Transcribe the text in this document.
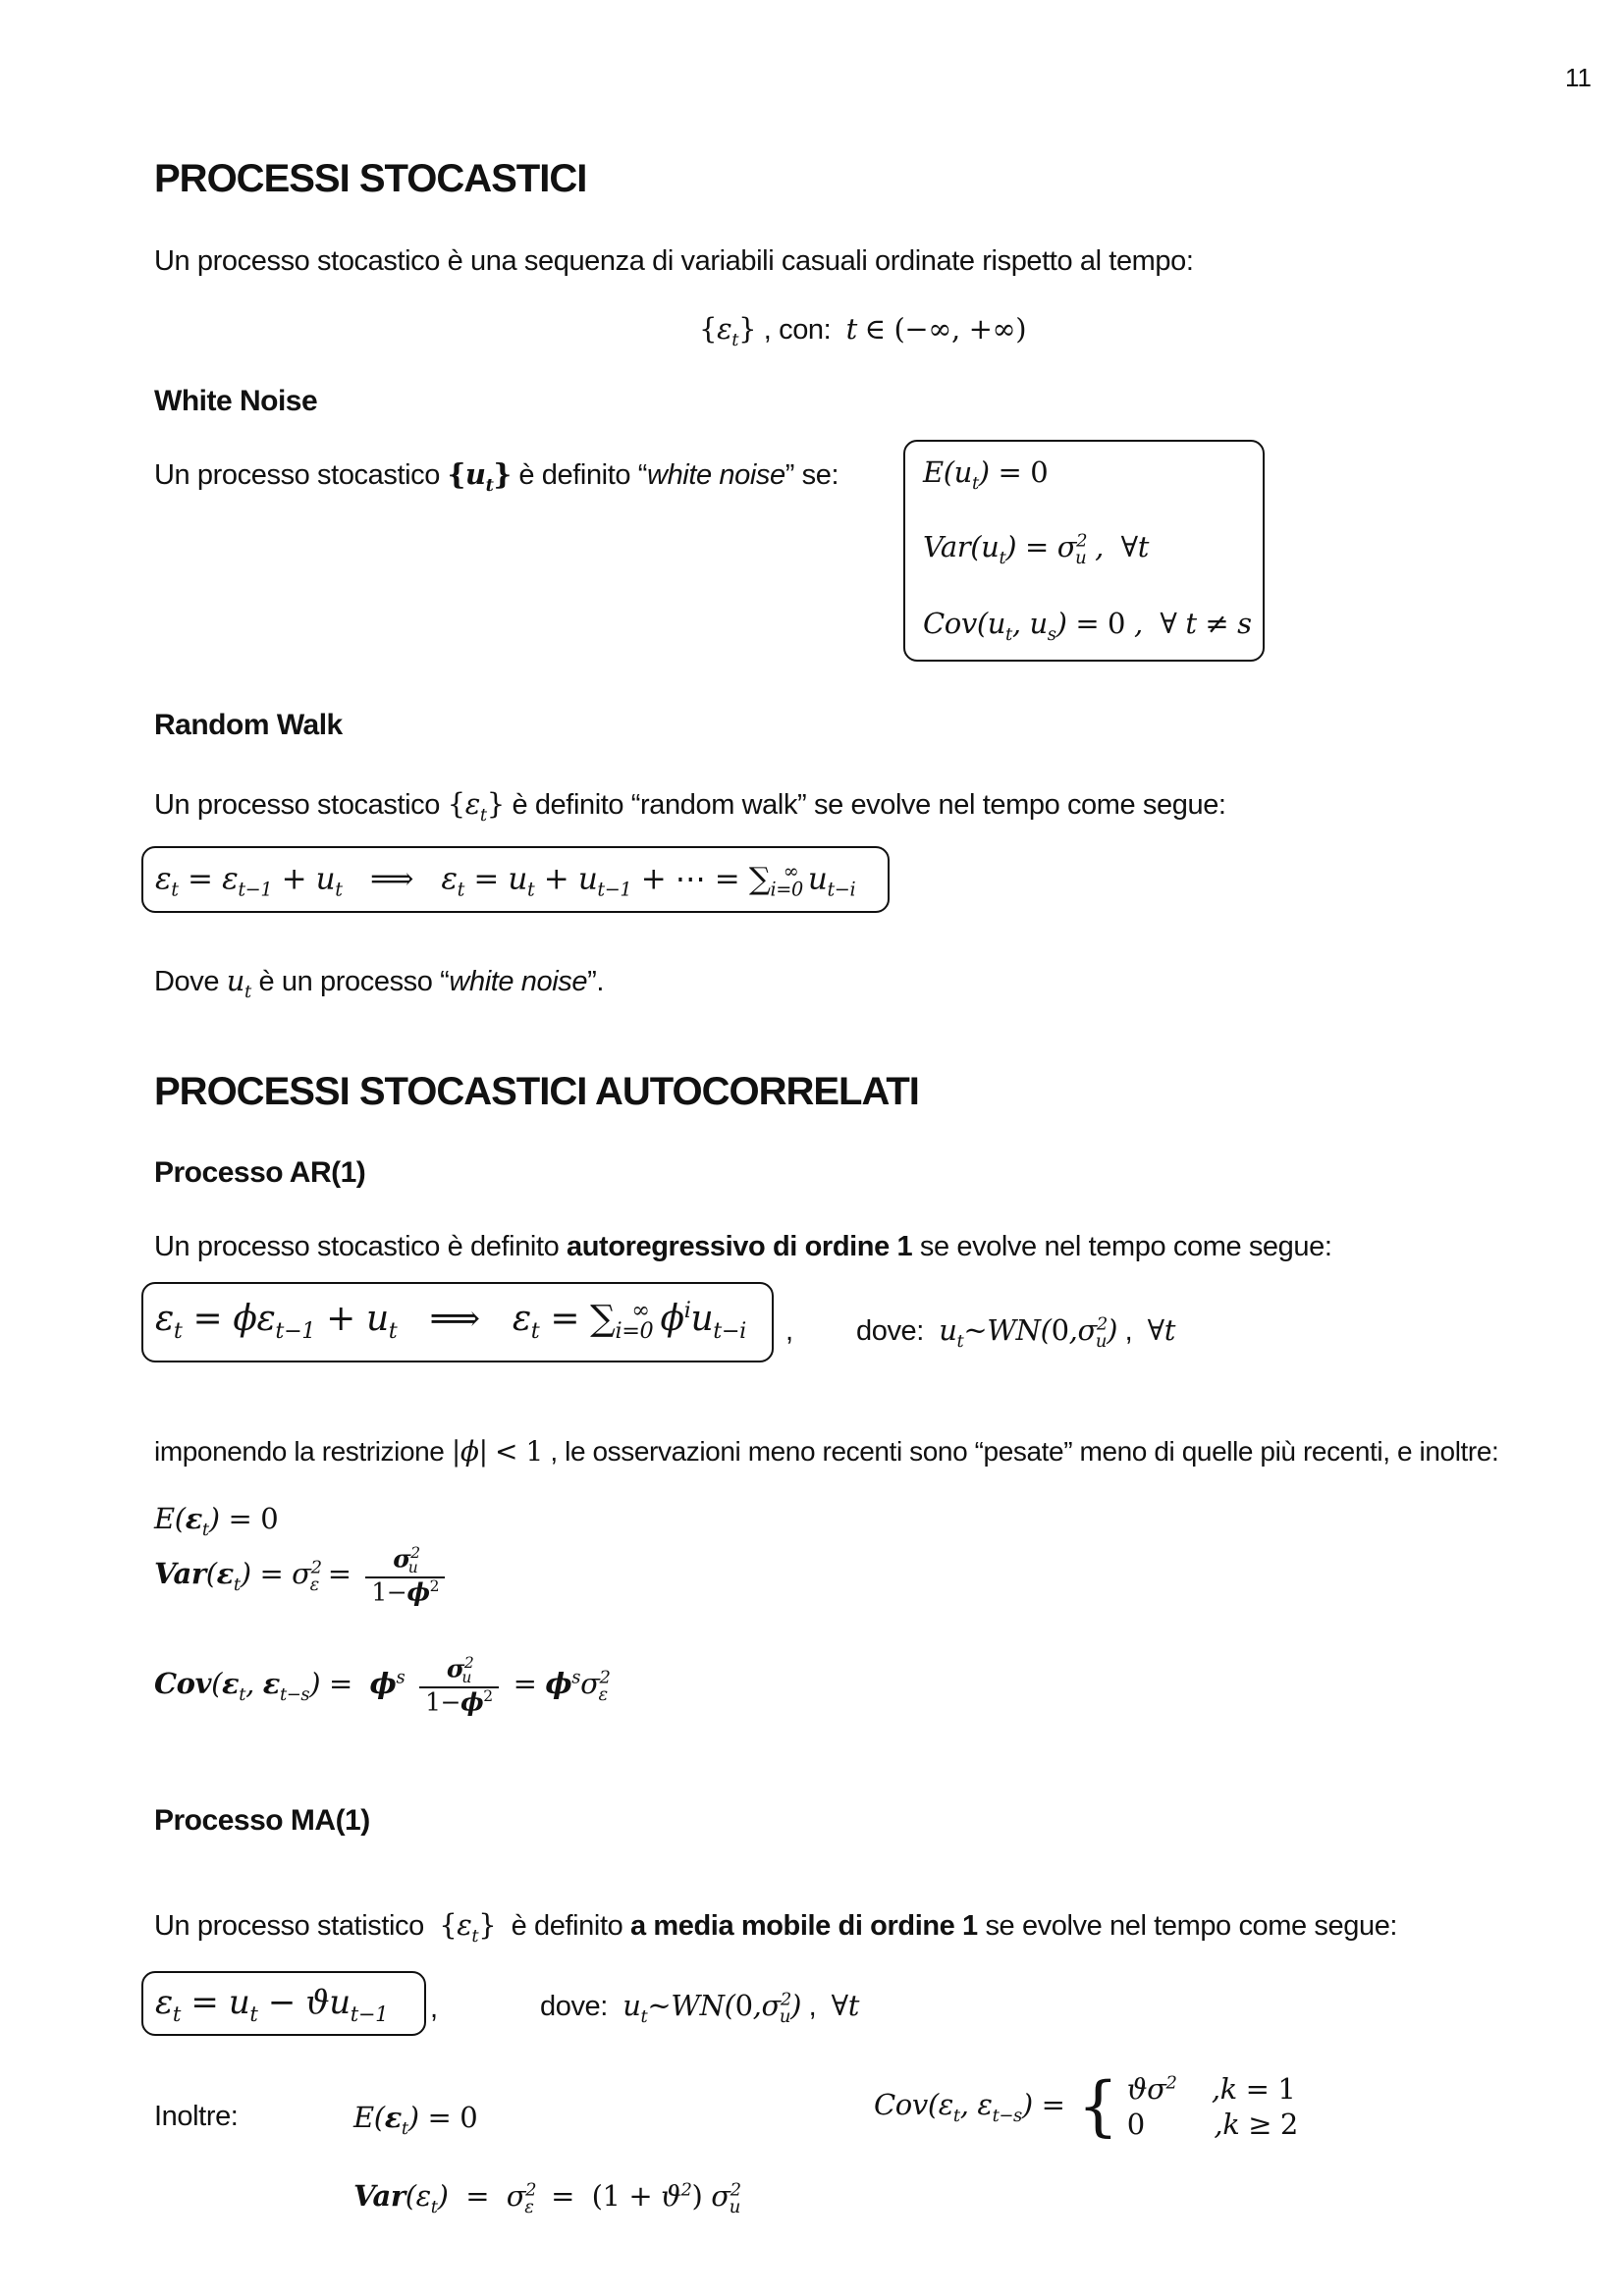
11
PROCESSI STOCASTICI
Un processo stocastico è una sequenza di variabili casuali ordinate rispetto al tempo:
$\{\varepsilon_t\}$ , con:  t ∈ (−∞, +∞)
White Noise
Un processo stocastico $\{u_t\}$ è definito “white noise” se:	$E(u_t) = 0$
$Var(u_t) = \sigma^2_u$ ,  ∀t
$Cov(u_t$, $u_s) = 0$ ,  ∀ t ≠ s
Random Walk
Un processo stocastico $\{\varepsilon_t\}$ è definito “random walk” se evolve nel tempo come segue:
$\varepsilon_t = \varepsilon_{t-1} + u_t$ ⟹   $\varepsilon_t = u_t + u_{t-1}$ + ⋯ = $\sum_{i=0}^\infty$ $u_{t-i}$
Dove $u_t$ è un processo “white noise”.
PROCESSI STOCASTICI AUTOCORRELATI
Processo AR(1)
Un processo stocastico è definito autoregressivo di ordine 1 se evolve nel tempo come segue:
$\varepsilon_t = \phi\varepsilon_{t-1} + u_t$ ⟹   $\varepsilon_t = \sum_{i=0}^\infty$ $\phi^iu_{t-i}$ , dove:  $u_t\sim WN(0,\sigma^2_u)$ ,  ∀t
imponendo la restrizione |ϕ| < 1 , le osservazioni meno recenti sono “pesate” meno di quelle più recenti, e inoltre:
$E(\varepsilon_t) = 0$
$Var(\varepsilon_t) = \sigma^2_\varepsilon = \frac{\sigma^2_u}{1-\phi^2}$
$Cov(\varepsilon_t$, $\varepsilon_{t-s}) = \phi^s \frac{\sigma^2_u}{1-\phi^2} = \phi^s\sigma^2_\varepsilon$
Processo MA(1)
Un processo statistico  $\{\varepsilon_t\}$  è definito a media mobile di ordine 1 se evolve nel tempo come segue:
$\varepsilon_t = u_t - ϑu_{t-1}$ ,	dove:  $u_t\sim WN(0,\sigma^2_u)$ ,  ∀t
Inoltre:	$E(\varepsilon_t) = 0$
$Var(\varepsilon_t) = \sigma^2_\varepsilon = (1 + ϑ^2)$ $\sigma^2_u$
$Cov(\varepsilon_t$, $\varepsilon_{t-s}$) = { $ϑ\sigma^2$    ,k = 1
0        ,k ≥ 2
